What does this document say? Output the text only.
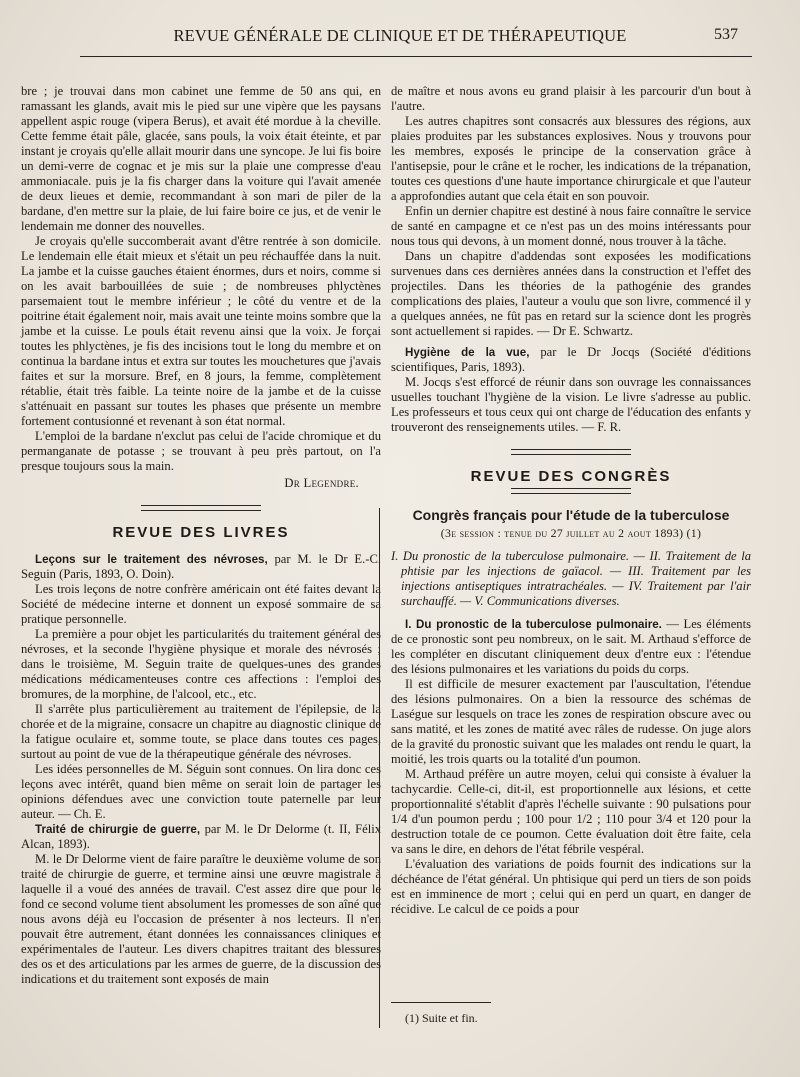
REVUE GÉNÉRALE DE CLINIQUE ET DE THÉRAPEUTIQUE	537

bre ; je trouvai dans mon cabinet une femme de 50 ans qui, en ramassant les glands, avait mis le pied sur une vipère que les paysans appellent aspic rouge (vipera Berus), et avait été mordue à la cheville. Cette femme était pâle, glacée, sans pouls, la voix était éteinte, et par instant je croyais qu'elle allait mourir dans une syncope. Je lui fis boire un demi-verre de cognac et je mis sur la plaie une compresse d'eau ammoniacale. puis je la fis charger dans la voiture qui l'avait amenée de deux lieues et demie, recommandant à son mari de piler de la bardane, d'en mettre sur la plaie, de lui faire boire ce jus, et de venir le lendemain me donner des nouvelles.

Je croyais qu'elle succomberait avant d'être rentrée à son domicile. Le lendemain elle était mieux et s'était un peu réchauffée dans la nuit. La jambe et la cuisse gauches étaient énormes, durs et noirs, comme si on les avait barbouillées de suie ; de nombreuses phlyctènes parsemaient tout le membre inférieur ; le côté du ventre et de la poitrine était également noir, mais avait une teinte moins sombre que la jambe et la cuisse. Le pouls était revenu ainsi que la voix. Je forçai toutes les phlyctènes, je fis des incisions tout le long du membre et on continua la bardane intus et extra sur toutes les mouchetures que j'avais faites et sur la morsure. Bref, en 8 jours, la femme, complètement rétablie, était très faible. La teinte noire de la jambe et de la cuisse s'atténuait en passant sur toutes les phases que présente un membre fortement contusionné et revenant à son état normal.

L'emploi de la bardane n'exclut pas celui de l'acide chromique et du permanganate de potasse ; se trouvant à peu près partout, on l'a presque toujours sous la main.

Dr Legendre.
REVUE DES LIVRES

Leçons sur le traitement des névroses, par M. le Dr E.-C. Seguin (Paris, 1893, O. Doin).

Les trois leçons de notre confrère américain ont été faites devant la Société de médecine interne et donnent un exposé sommaire de sa pratique personnelle.

La première a pour objet les particularités du traitement général des névroses, et la seconde l'hygiène physique et morale des névrosés ; dans le troisième, M. Seguin traite de quelques-unes des grandes médications médicamenteuses contre ces affections : l'emploi des bromures, de la morphine, de l'alcool, etc., etc.

Il s'arrête plus particulièrement au traitement de l'épilepsie, de la chorée et de la migraine, consacre un chapitre au diagnostic clinique de la fatigue oculaire et, somme toute, se place dans toutes ces pages, surtout au point de vue de la thérapeutique générale des névroses.

Les idées personnelles de M. Séguin sont connues. On lira donc ces leçons avec intérêt, quand bien même on serait loin de partager les opinions défendues avec une conviction toute paternelle par leur auteur. — Ch. E.

Traité de chirurgie de guerre, par M. le Dr Delorme (t. II, Félix Alcan, 1893).

M. le Dr Delorme vient de faire paraître le deuxième volume de son traité de chirurgie de guerre, et termine ainsi une œuvre magistrale à laquelle il a voué des années de travail. C'est assez dire que pour le fond ce second volume tient absolument les promesses de son aîné que nous avons déjà eu l'occasion de présenter à nos lecteurs. Il n'en pouvait être autrement, étant données les connaissances cliniques et expérimentales de l'auteur. Les divers chapitres traitant des blessures des os et des articulations par les armes de guerre, de la discussion des indications et du traitement sont exposés de main

de maître et nous avons eu grand plaisir à les parcourir d'un bout à l'autre.

Les autres chapitres sont consacrés aux blessures des régions, aux plaies produites par les substances explosives. Nous y trouvons pour les membres, exposés le principe de la conservation grâce à l'antisepsie, pour le crâne et le rocher, les indications de la trépanation, toutes ces questions d'une haute importance chirurgicale et que l'auteur a approfondies autant que cela était en son pouvoir.

Enfin un dernier chapitre est destiné à nous faire connaître le service de santé en campagne et ce n'est pas un des moins intéressants pour nous tous qui devons, à un moment donné, nous trouver à la tâche.

Dans un chapitre d'addendas sont exposées les modifications survenues dans ces dernières années dans la construction et l'effet des projectiles. Dans les théories de la pathogénie des grandes complications des plaies, l'auteur a voulu que son livre, commencé il y a quelques années, ne fût pas en retard sur la science dont les progrès sont actuellement si rapides. — Dr E. Schwartz.

Hygiène de la vue, par le Dr Jocqs (Société d'éditions scientifiques, Paris, 1893).

M. Jocqs s'est efforcé de réunir dans son ouvrage les connaissances usuelles touchant l'hygiène de la vision. Le livre s'adresse au public. Les professeurs et tous ceux qui ont charge de l'éducation des enfants y trouveront des renseignements utiles. — F. R.

REVUE DES CONGRÈS
Congrès français pour l'étude de la tuberculose
(3e session : tenue du 27 juillet au 2 aout 1893) (1)

I. Du pronostic de la tuberculose pulmonaire. — II. Traitement de la phtisie par les injections de gaïacol. — III. Traitement par les injections antiseptiques intratrachéales. — IV. Traitement par l'air surchauffé. — V. Communications diverses.

I. Du pronostic de la tuberculose pulmonaire. — Les éléments de ce pronostic sont peu nombreux, on le sait. M. Arthaud s'efforce de les compléter en discutant cliniquement deux d'entre eux : l'étendue des lésions pulmonaires et les variations du poids du corps.

Il est difficile de mesurer exactement par l'auscultation, l'étendue des lésions pulmonaires. On a bien la ressource des schémas de Laségue sur lesquels on trace les zones de respiration obscure avec ou sans matité, et les zones de matité avec râles de rudesse. On juge alors de la gravité du pronostic suivant que les malades ont rendu le quart, la moitié, les trois quarts ou la totalité d'un poumon.

M. Arthaud préfère un autre moyen, celui qui consiste à évaluer la tachycardie. Celle-ci, dit-il, est proportionnelle aux lésions, et cette proportionnalité s'établit d'après l'échelle suivante : 90 pulsations pour 1/4 d'un poumon perdu ; 100 pour 1/2 ; 110 pour 3/4 et 120 pour la destruction totale de ce poumon. Cette évaluation doit être faite, cela va sans le dire, en dehors de l'état fébrile vespéral.

L'évaluation des variations de poids fournit des indications sur la déchéance de l'état général. Un phtisique qui perd un tiers de son poids est en imminence de mort ; celui qui en perd un quart, en danger de récidive. Le calcul de ce poids a pour

(1) Suite et fin.
